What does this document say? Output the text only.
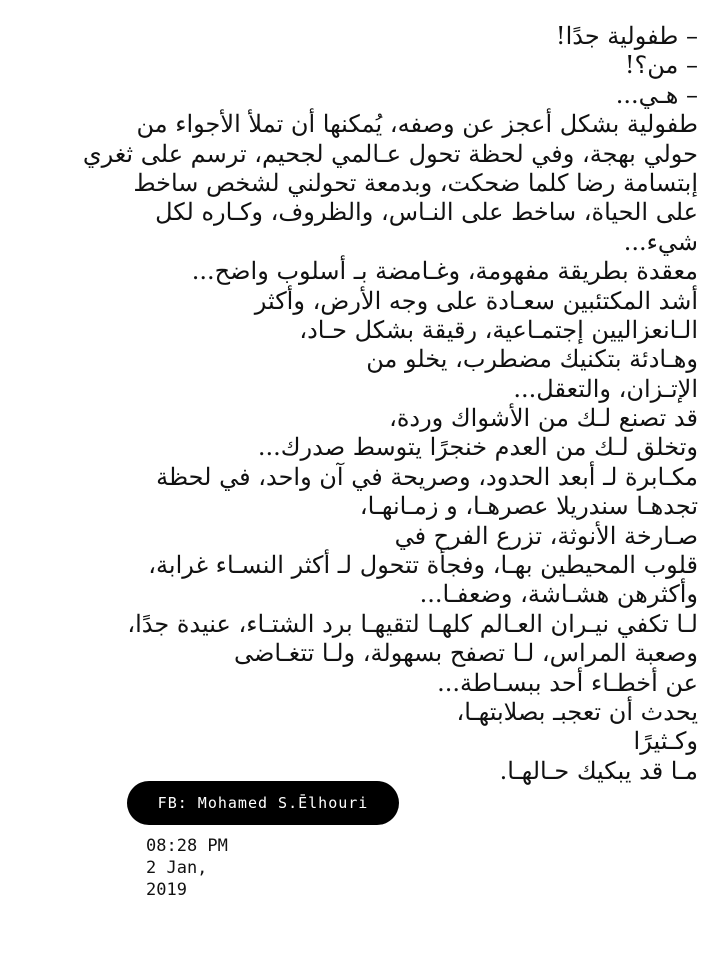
– طفولية جدًا!
– من؟!
– هـي...
طفولية بشكل أعجز عن وصفه، يُمكنها أن تملأ الأجواء من
حولي بهجة، وفي لحظة تحول عـالمي لجحيم، ترسم على ثغري
إبتسامة رضا كلما ضحكت، وبدمعة تحولني لشخص ساخط
على الحياة، ساخط على النـاس، والظروف، وكـاره لكل
شيء...
معقدة بطريقة مفهومة، وغـامضة بـ أسلوب واضح...
أشد المكتئبين سعـادة على وجه الأرض، وأكثر
الـانعزاليين إجتمـاعية، رقيقة بشكل حـاد،
وهـادئة بتكنيك مضطرب، يخلو من
الإتـزان، والتعقل...
قد تصنع لـك من الأشواك وردة،
وتخلق لـك من العدم خنجرًا يتوسط صدرك...
مكـابرة لـ أبعد الحدود، وصريحة في آن واحد، في لحظة
تجدهـا سندريلا عصرهـا، و زمـانهـا،
صـارخة الأنوثة، تزرع الفرح في
قلوب المحيطين بهـا، وفجأة تتحول لـ أكثر النسـاء غرابة،
وأكثرهن هشـاشة، وضعفـا...
لـا تكفي نيـران العـالم كلهـا لتقيهـا برد الشتـاء، عنيدة جدًا،
وصعبة المراس، لـا تصفح بسهولة، ولـا تتغـاضى
عن أخطـاء أحد ببسـاطة...
يحدث أن تعجبـ بصلابتهـا،
وكـثيرًا
مـا قد يبكيك حـالهـا.
FB: Mohamed S.Ēlhouri
08:28 PM
2 Jan,
2019
